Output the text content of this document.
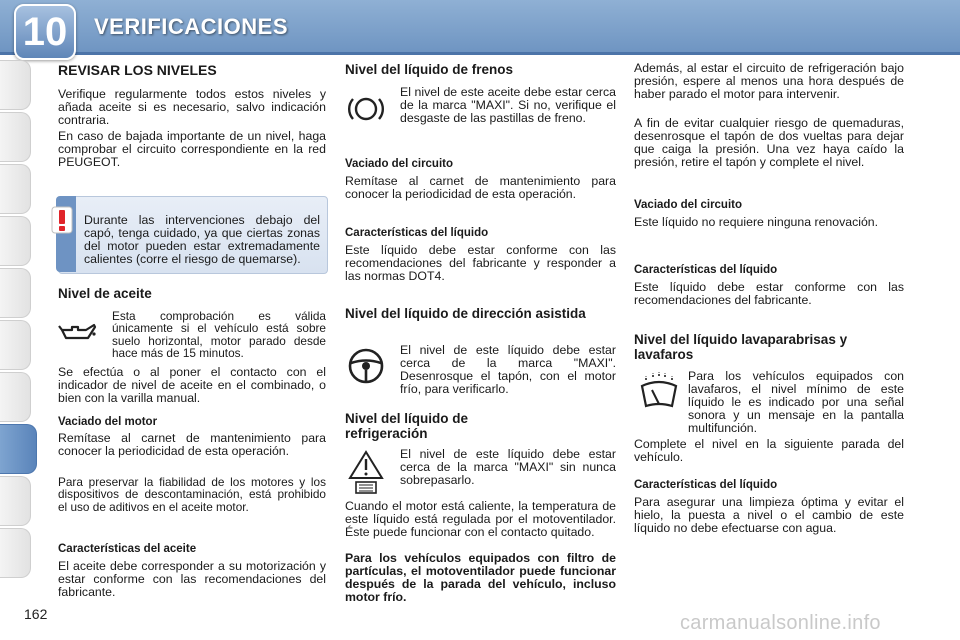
10	VERIFICACIONES
162
REVISAR LOS NIVELES

Verifique regularmente todos estos niveles y añada aceite si es necesario, salvo indicación contraria.

En caso de bajada importante de un nivel, haga comprobar el circuito correspondiente en la red PEUGEOT.

Durante las intervenciones debajo del capó, tenga cuidado, ya que ciertas zonas del motor pueden estar extremadamente calientes (corre el riesgo de quemarse).

Nivel de aceite

Esta comprobación es válida únicamente si el vehículo está sobre suelo horizontal, motor parado desde hace más de 15 minutos.

Se efectúa o al poner el contacto con el indicador de nivel de aceite en el combinado, o bien con la varilla manual.

Vaciado del motor

Remítase al carnet de mantenimiento para conocer la periodicidad de esta operación.

Para preservar la fiabilidad de los motores y los dispositivos de descontaminación, está prohibido el uso de aditivos en el aceite motor.

Características del aceite

El aceite debe corresponder a su motorización y estar conforme con las recomendaciones del fabricante.

Nivel del líquido de frenos

El nivel de este aceite debe estar cerca de la marca "MAXI". Si no, verifique el desgaste de las pastillas de freno.

Vaciado del circuito

Remítase al carnet de mantenimiento para conocer la periodicidad de esta operación.

Características del líquido

Este líquido debe estar conforme con las recomendaciones del fabricante y responder a las normas DOT4.

Nivel del líquido de dirección asistida

El nivel de este líquido debe estar cerca de la marca "MAXI". Desenrosque el tapón, con el motor frío, para verificarlo.

Nivel del líquido de refrigeración

El nivel de este líquido debe estar cerca de la marca "MAXI" sin nunca sobrepasarlo.

Cuando el motor está caliente, la temperatura de este líquido está regulada por el motoventilador. Éste puede funcionar con el contacto quitado.

Para los vehículos equipados con filtro de partículas, el motoventilador puede funcionar después de la parada del vehículo, incluso motor frío.

Además, al estar el circuito de refrigeración bajo presión, espere al menos una hora después de haber parado el motor para intervenir.

A fin de evitar cualquier riesgo de quemaduras, desenrosque el tapón de dos vueltas para dejar que caiga la presión. Una vez haya caído la presión, retire el tapón y complete el nivel.

Vaciado del circuito

Este líquido no requiere ninguna renovación.

Características del líquido

Este líquido debe estar conforme con las recomendaciones del fabricante.

Nivel del líquido lavaparabrisas y lavafaros

Para los vehículos equipados con lavafaros, el nivel mínimo de este líquido le es indicado por una señal sonora y un mensaje en la pantalla multifunción.

Complete el nivel en la siguiente parada del vehículo.

Características del líquido

Para asegurar una limpieza óptima y evitar el hielo, la puesta a nivel o el cambio de este líquido no debe efectuarse con agua.

carmanualsonline.info
